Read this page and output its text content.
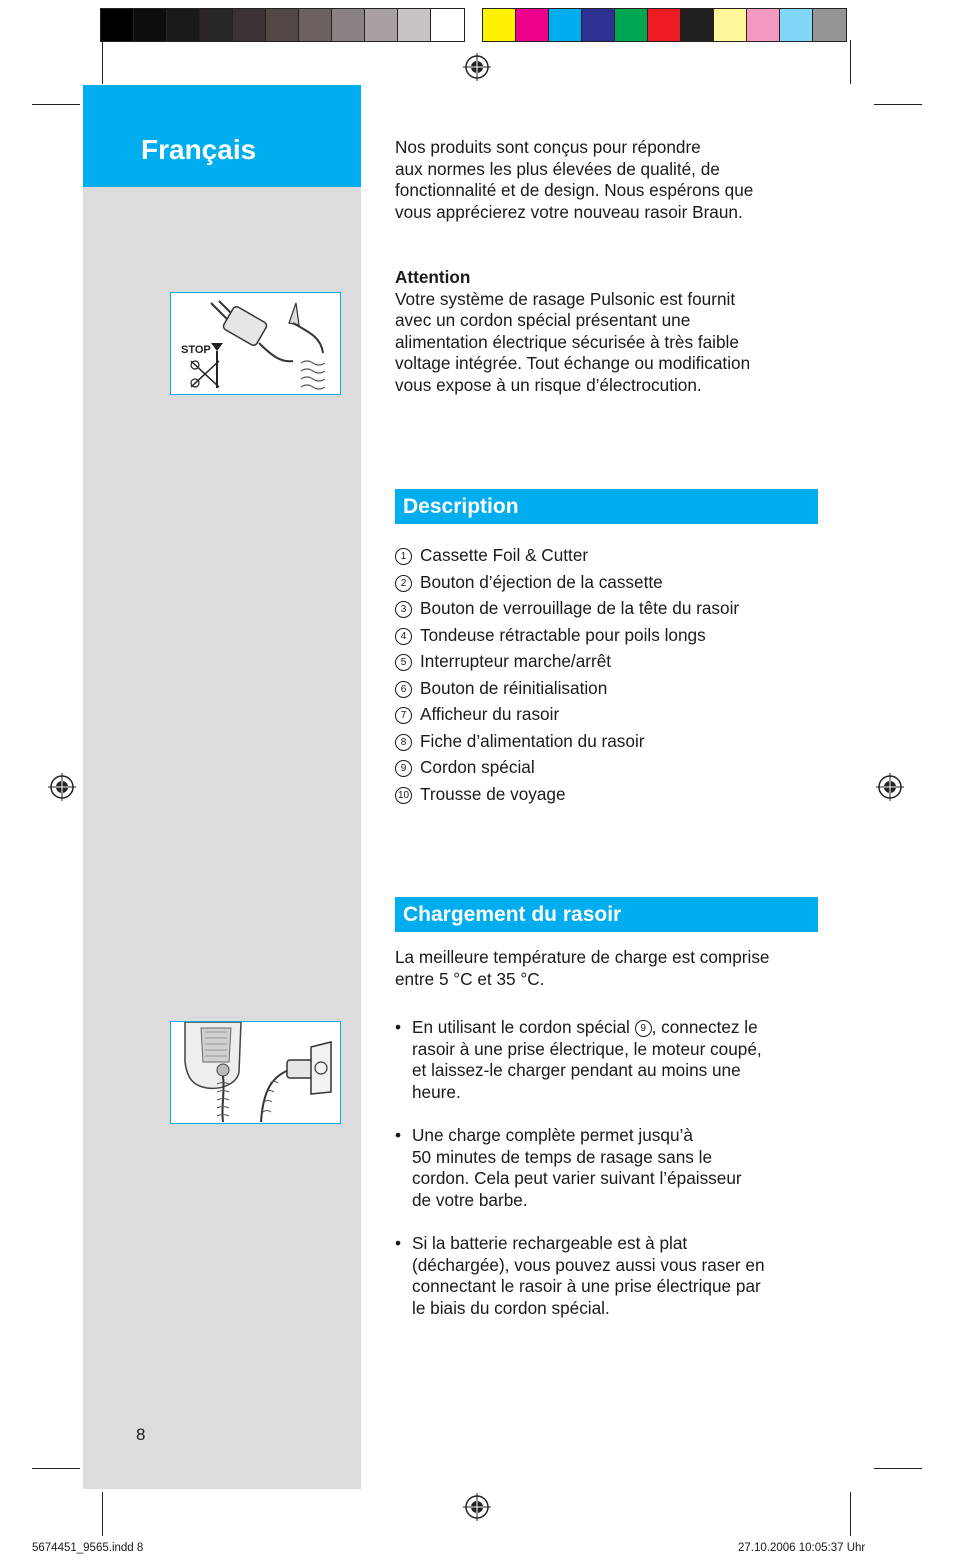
Français
STOP
Nos produits sont conçus pour répondre
aux normes les plus élevées de qualité, de
fonctionnalité et de design. Nous espérons que
vous apprécierez votre nouveau rasoir Braun.
Attention
Votre système de rasage Pulsonic est fournit
avec un cordon spécial présentant une
alimentation électrique sécurisée à très faible
voltage intégrée. Tout échange ou modification
vous expose à un risque d’électrocution.
Description
1 Cassette Foil & Cutter
2 Bouton d’éjection de la cassette
3 Bouton de verrouillage de la tête du rasoir
4 Tondeuse rétractable pour poils longs
5 Interrupteur marche/arrêt
6 Bouton de réinitialisation
7 Afficheur du rasoir
8 Fiche d’alimentation du rasoir
9 Cordon spécial
10 Trousse de voyage
Chargement du rasoir
La meilleure température de charge est comprise
entre 5 °C et 35 °C.
• En utilisant le cordon spécial 9 , connectez le
rasoir à une prise électrique, le moteur coupé,
et laissez-le charger pendant au moins une
heure.
• Une charge complète permet jusqu’à
50 minutes de temps de rasage sans le
cordon. Cela peut varier suivant l’épaisseur
de votre barbe.
• Si la batterie rechargeable est à plat
(déchargée), vous pouvez aussi vous raser en
connectant le rasoir à une prise électrique par
le biais du cordon spécial.
8
5674451_9565.indd 8	27.10.2006 10:05:37 Uhr
